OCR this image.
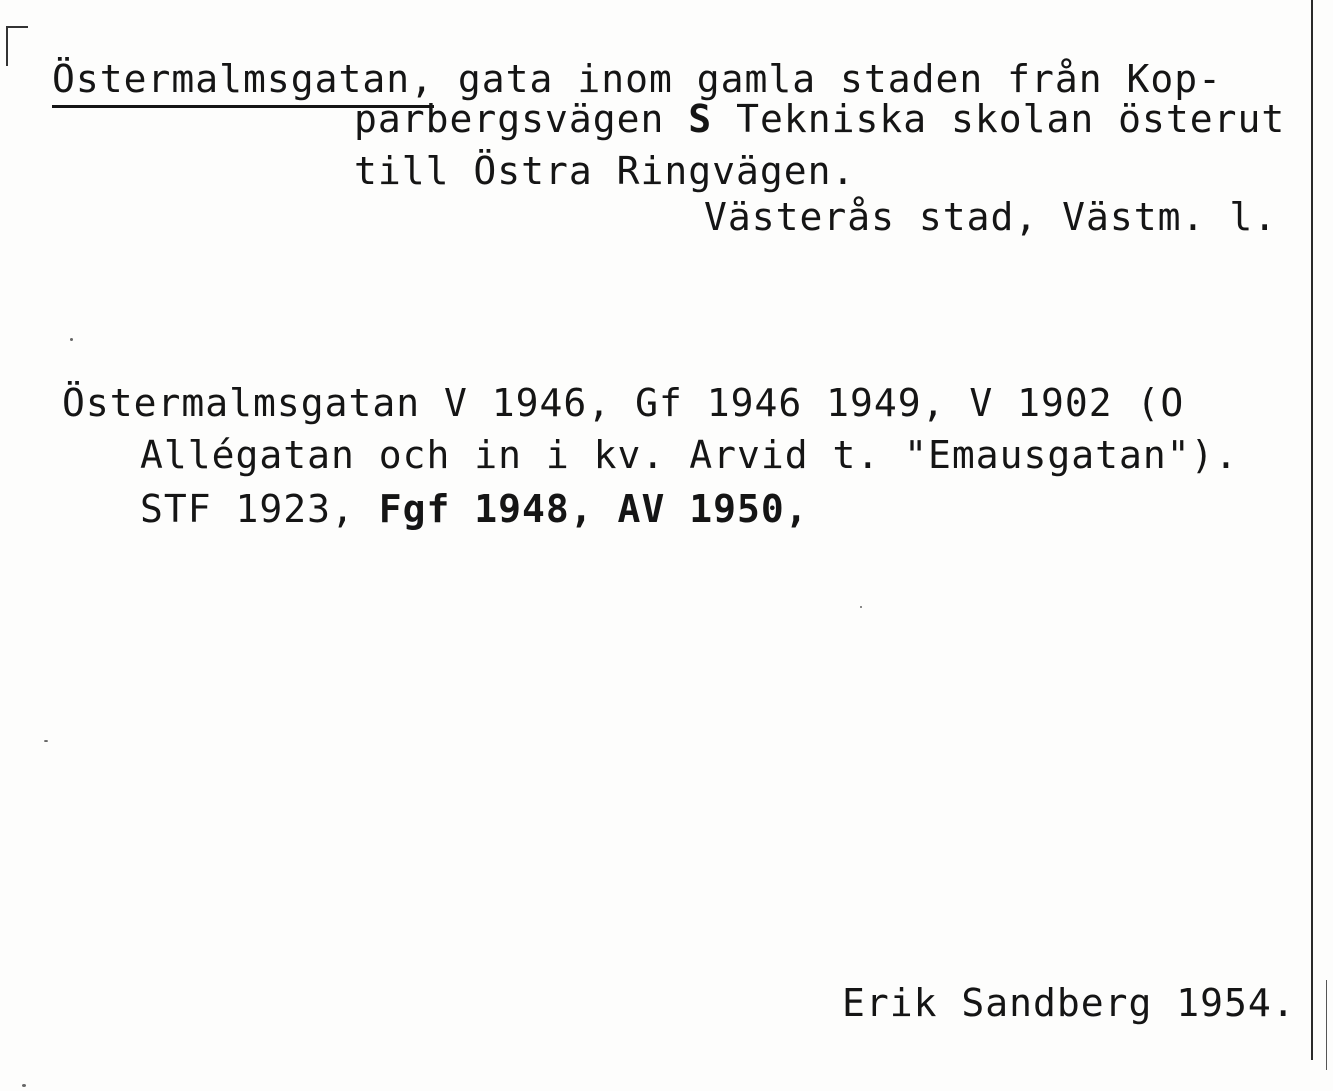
Östermalmsgatan, gata inom gamla staden från Kop-
parbergsvägen S Tekniska skolan österut
till Östra Ringvägen.
Västerås stad, Västm. l.
Östermalmsgatan V 1946, Gf 1946 1949, V 1902 (O
Allégatan och in i kv. Arvid t. "Emausgatan").
STF 1923, Fgf 1948, AV 1950,
Erik Sandberg 1954.
